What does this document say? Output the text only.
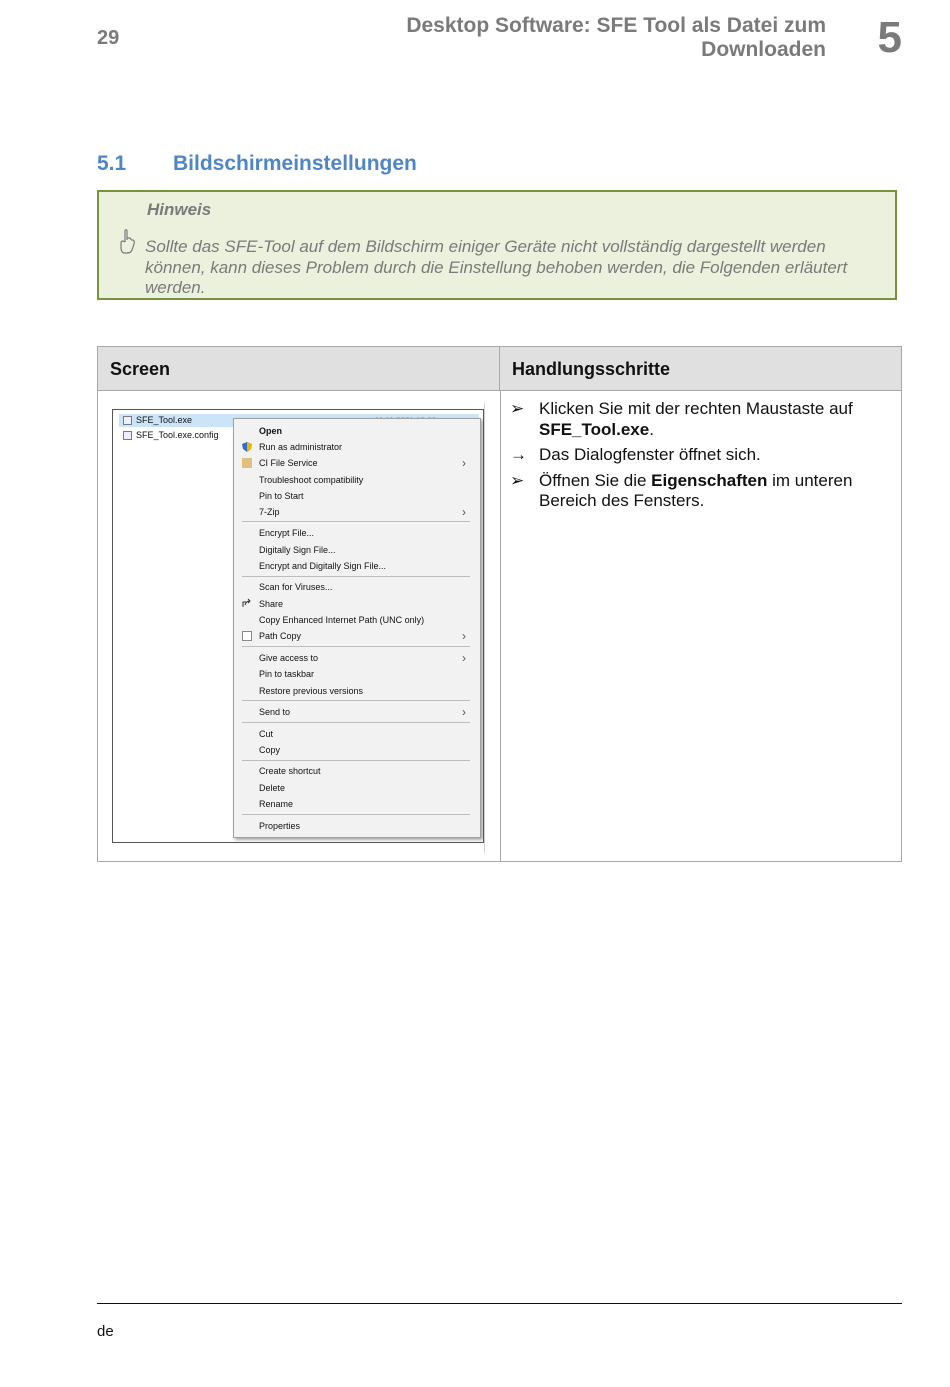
29
Desktop Software: SFE Tool als Datei zum Downloaden 5
5.1 Bildschirmeinstellungen
Hinweis
Sollte das SFE-Tool auf dem Bildschirm einiger Geräte nicht vollständig dargestellt werden können, kann dieses Problem durch die Einstellung behoben werden, die Folgenden erläutert werden.
Screen	Handlungsschritte
SFE_Tool.exe
SFE_Tool.exe.config	Open
Run as administrator
CI File Service	›
Troubleshoot compatibility
Pin to Start
7-Zip	›
Encrypt File...
Digitally Sign File...
Encrypt and Digitally Sign File...
Scan for Viruses...
Share
Copy Enhanced Internet Path (UNC only)
Path Copy	›
Give access to	›
Pin to taskbar
Restore previous versions
Send to	›
Cut
Copy
Create shortcut
Delete
Rename
Properties
➢ Klicken Sie mit der rechten Maustaste auf SFE_Tool.exe.
→ Das Dialogfenster öffnet sich.
➢ Öffnen Sie die Eigenschaften im unteren Bereich des Fensters.
de
